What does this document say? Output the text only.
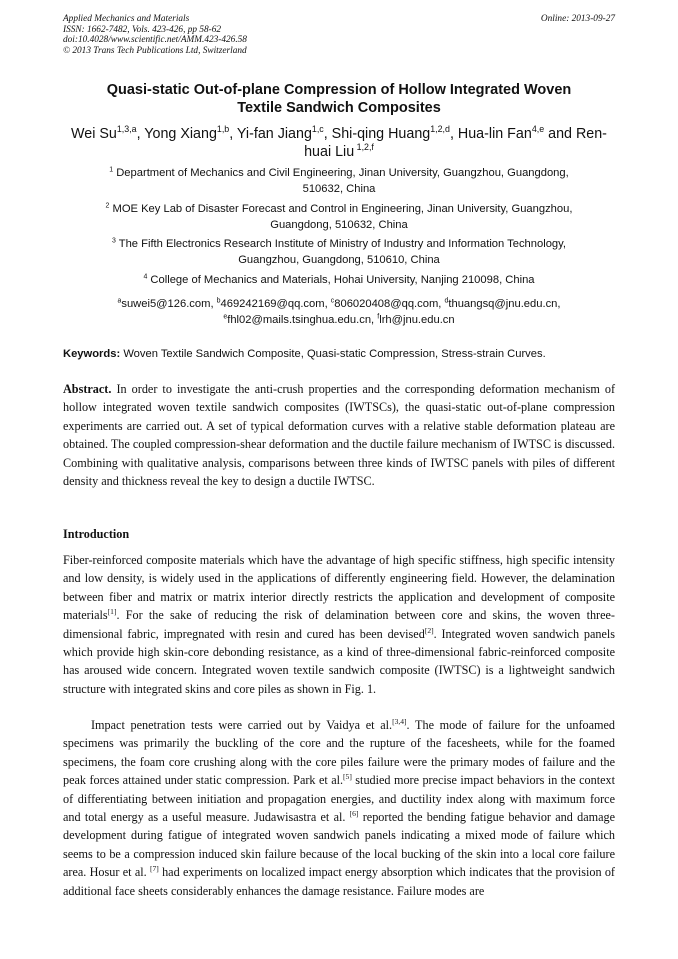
Applied Mechanics and Materials
ISSN: 1662-7482, Vols. 423-426, pp 58-62
doi:10.4028/www.scientific.net/AMM.423-426.58
© 2013 Trans Tech Publications Ltd, Switzerland
Online: 2013-09-27
Quasi-static Out-of-plane Compression of Hollow Integrated Woven
Textile Sandwich Composites
Wei Su$^{1,3,a}$, Yong Xiang$^{1,b}$, Yi-fan Jiang$^{1,c}$, Shi-qing Huang$^{1,2,d}$, Hua-lin Fan$^{4,e}$ and Ren-huai Liu $^{1,2,f}$
$^1$ Department of Mechanics and Civil Engineering, Jinan University, Guangzhou, Guangdong,
510632, China
$^2$ MOE Key Lab of Disaster Forecast and Control in Engineering, Jinan University, Guangzhou,
Guangdong, 510632, China
$^3$ The Fifth Electronics Research Institute of Ministry of Industry and Information Technology,
Guangzhou, Guangdong, 510610, China
$^4$ College of Mechanics and Materials, Hohai University, Nanjing 210098, China
$^a$suwei5@126.com, $^b$469242169@qq.com, $^c$806020408@qq.com, $^d$thuangsq@jnu.edu.cn,
$^e$fhl02@mails.tsinghua.edu.cn, $^f$lrh@jnu.edu.cn
Keywords: Woven Textile Sandwich Composite, Quasi-static Compression, Stress-strain Curves.
Abstract. In order to investigate the anti-crush properties and the corresponding deformation mechanism of hollow integrated woven textile sandwich composites (IWTSCs), the quasi-static out-of-plane compression experiments are carried out. A set of typical deformation curves with a relative stable deformation plateau are obtained. The coupled compression-shear deformation and the ductile failure mechanism of IWTSC is discussed. Combining with qualitative analysis, comparisons between three kinds of IWTSC panels with piles of different density and thickness reveal the key to design a ductile IWTSC.
Introduction
Fiber-reinforced composite materials which have the advantage of high specific stiffness, high specific intensity and low density, is widely used in the applications of differently engineering field. However, the delamination between fiber and matrix or matrix interior directly restricts the application and development of composite materials[1]. For the sake of reducing the risk of delamination between core and skins, the woven three-dimensional fabric, impregnated with resin and cured has been devised[2]. Integrated woven sandwich panels which provide high skin-core debonding resistance, as a kind of three-dimensional fabric-reinforced composite has aroused wide concern. Integrated woven textile sandwich composite (IWTSC) is a lightweight sandwich structure with integrated skins and core piles as shown in Fig. 1.
Impact penetration tests were carried out by Vaidya et al.[3,4]. The mode of failure for the unfoamed specimens was primarily the buckling of the core and the rupture of the facesheets, while for the foamed specimens, the foam core crushing along with the core piles failure were the primary modes of failure and the peak forces attained under static compression. Park et al.[5] studied more precise impact behaviors in the context of differentiating between initiation and propagation energies, and ductility index along with maximum force and total energy as a useful measure. Judawisastra et al. [6] reported the bending fatigue behavior and damage development during fatigue of integrated woven sandwich panels indicating a mixed mode of failure which seems to be a compression induced skin failure because of the local bucking of the skin into a local core failure area. Hosur et al. [7] had experiments on localized impact energy absorption which indicates that the provision of additional face sheets considerably enhances the damage resistance. Failure modes are
